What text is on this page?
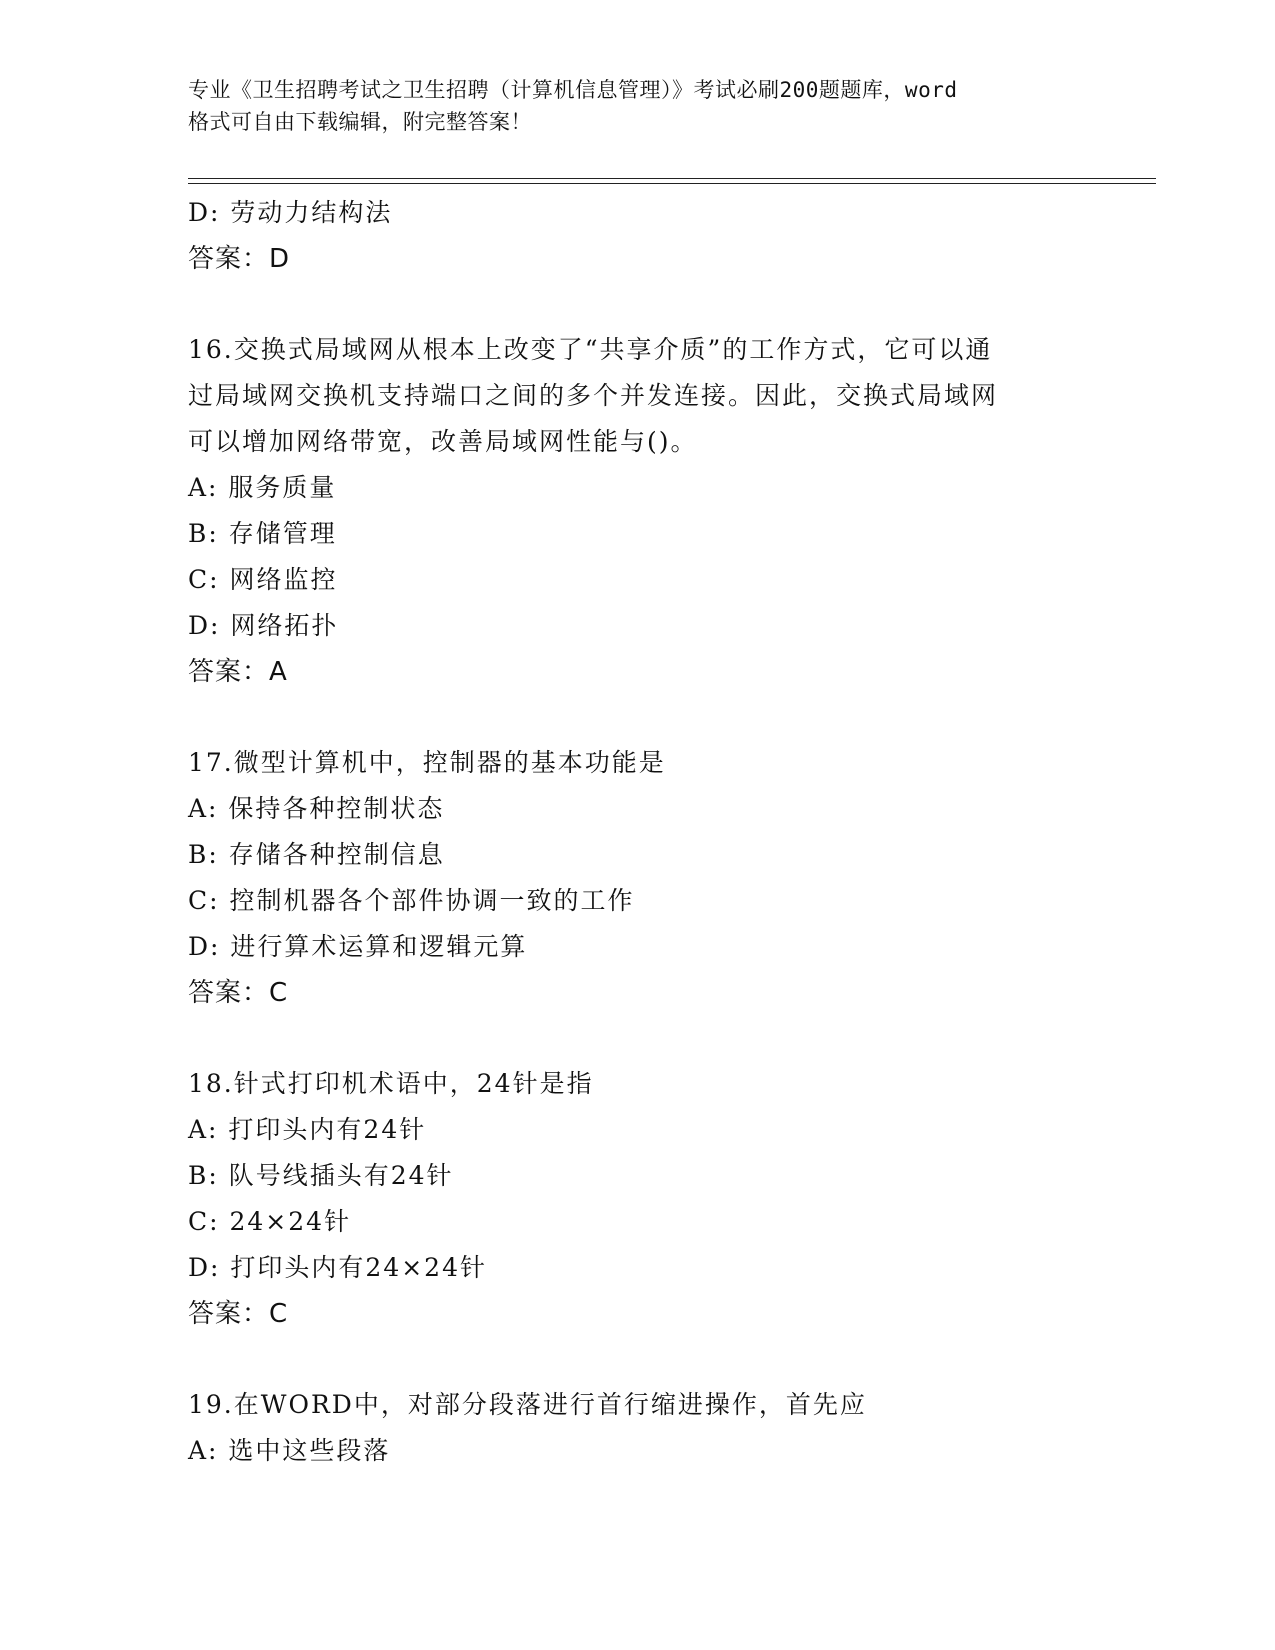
专业《卫生招聘考试之卫生招聘（计算机信息管理）》考试必刷200题题库，word
格式可自由下载编辑，附完整答案！
D: 劳动力结构法
答案：D
16.交换式局域网从根本上改变了“共享介质”的工作方式，它可以通
过局域网交换机支持端口之间的多个并发连接。因此，交换式局域网
可以增加网络带宽，改善局域网性能与()。
A: 服务质量
B: 存储管理
C: 网络监控
D: 网络拓扑
答案：A
17.微型计算机中，控制器的基本功能是
A: 保持各种控制状态
B: 存储各种控制信息
C: 控制机器各个部件协调一致的工作
D: 进行算术运算和逻辑元算
答案：C
18.针式打印机术语中，24针是指
A: 打印头内有24针
B: 队号线插头有24针
C: 24×24针
D: 打印头内有24×24针
答案：C
19.在WORD中，对部分段落进行首行缩进操作，首先应
A: 选中这些段落
